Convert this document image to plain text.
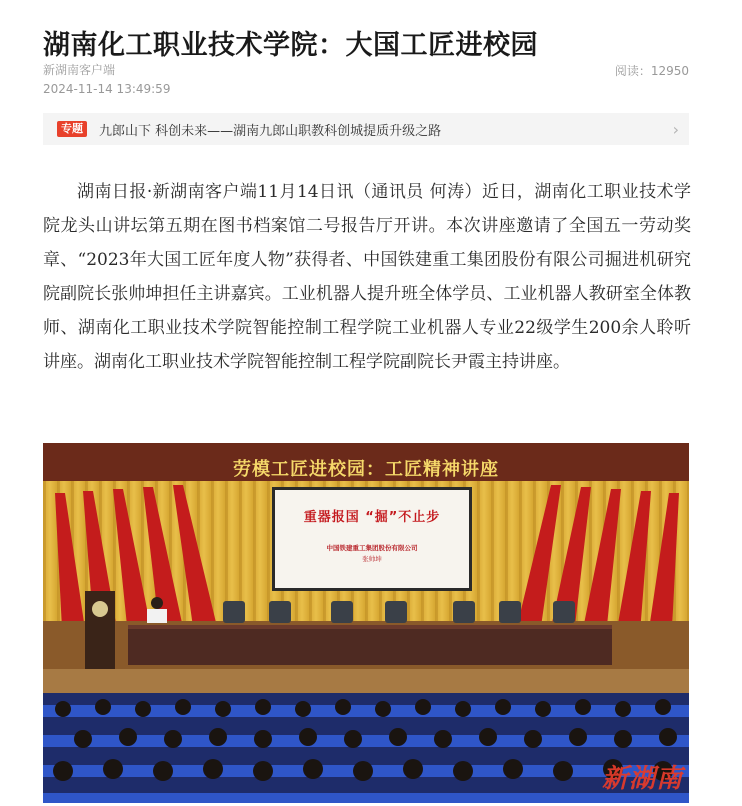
湖南化工职业技术学院：大国工匠进校园
新湖南客户端
2024-11-14 13:49:59
阅读：12950
专题	九郎山下 科创未来——湖南九郎山职教科创城提质升级之路	›

湖南日报·新湖南客户端11月14日讯（通讯员 何涛）近日，湖南化工职业技术学院龙头山讲坛第五期在图书档案馆二号报告厅开讲。本次讲座邀请了全国五一劳动奖章、“2023年大国工匠年度人物”获得者、中国铁建重工集团股份有限公司掘进机研究院副院长张帅坤担任主讲嘉宾。工业机器人提升班全体学员、工业机器人教研室全体教师、湖南化工职业技术学院智能控制工程学院工业机器人专业22级学生200余人聆听讲座。湖南化工职业技术学院智能控制工程学院副院长尹霞主持讲座。

劳模工匠进校园：工匠精神讲座
重器报国 “掘”不止步
中国铁建重工集团股份有限公司
张帅坤
新湖南
